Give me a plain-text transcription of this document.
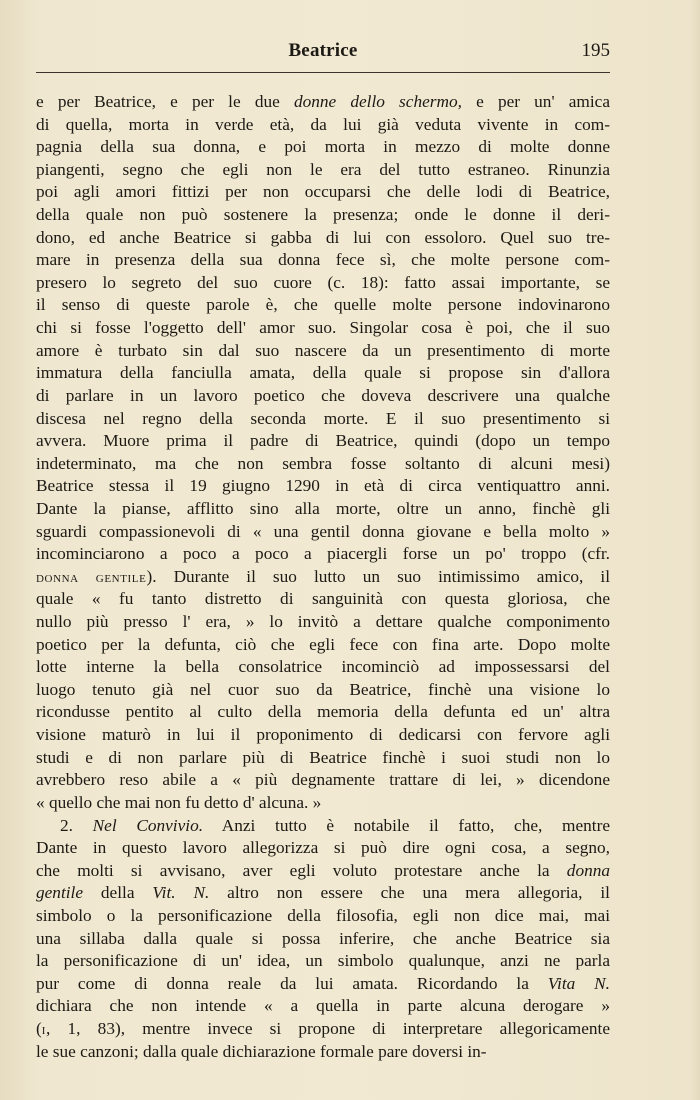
Beatrice	195
e per Beatrice, e per le due donne dello schermo, e per un' amica
di quella, morta in verde età, da lui già veduta vivente in com-
pagnia della sua donna, e poi morta in mezzo di molte donne
piangenti, segno che egli non le era del tutto estraneo. Rinunzia
poi agli amori fittizi per non occuparsi che delle lodi di Beatrice,
della quale non può sostenere la presenza; onde le donne il deri-
dono, ed anche Beatrice si gabba di lui con essoloro. Quel suo tre-
mare in presenza della sua donna fece sì, che molte persone com-
presero lo segreto del suo cuore (c. 18): fatto assai importante, se
il senso di queste parole è, che quelle molte persone indovinarono
chi si fosse l'oggetto dell' amor suo. Singolar cosa è poi, che il suo
amore è turbato sin dal suo nascere da un presentimento di morte
immatura della fanciulla amata, della quale si propose sin d'allora
di parlare in un lavoro poetico che doveva descrivere una qualche
discesa nel regno della seconda morte. E il suo presentimento si
avvera. Muore prima il padre di Beatrice, quindi (dopo un tempo
indeterminato, ma che non sembra fosse soltanto di alcuni mesi)
Beatrice stessa il 19 giugno 1290 in età di circa ventiquattro anni.
Dante la pianse, afflitto sino alla morte, oltre un anno, finchè gli
sguardi compassionevoli di « una gentil donna giovane e bella molto »
incominciarono a poco a poco a piacergli forse un po' troppo (cfr.
donna gentile). Durante il suo lutto un suo intimissimo amico, il
quale « fu tanto distretto di sanguinità con questa gloriosa, che
nullo più presso l' era, » lo invitò a dettare qualche componimento
poetico per la defunta, ciò che egli fece con fina arte. Dopo molte
lotte interne la bella consolatrice incominciò ad impossessarsi del
luogo tenuto già nel cuor suo da Beatrice, finchè una visione lo
ricondusse pentito al culto della memoria della defunta ed un' altra
visione maturò in lui il proponimento di dedicarsi con fervore agli
studi e di non parlare più di Beatrice finchè i suoi studi non lo
avrebbero reso abile a « più degnamente trattare di lei, » dicendone
« quello che mai non fu detto d' alcuna. »
2. Nel Convivio. Anzi tutto è notabile il fatto, che, mentre
Dante in questo lavoro allegorizza si può dire ogni cosa, a segno,
che molti si avvisano, aver egli voluto protestare anche la donna
gentile della Vit. N. altro non essere che una mera allegoria, il
simbolo o la personificazione della filosofia, egli non dice mai, mai
una sillaba dalla quale si possa inferire, che anche Beatrice sia
la personificazione di un' idea, un simbolo qualunque, anzi ne parla
pur come di donna reale da lui amata. Ricordando la Vita N.
dichiara che non intende « a quella in parte alcuna derogare »
(i, 1, 83), mentre invece si propone di interpretare allegoricamente
le sue canzoni; dalla quale dichiarazione formale pare doversi in-
